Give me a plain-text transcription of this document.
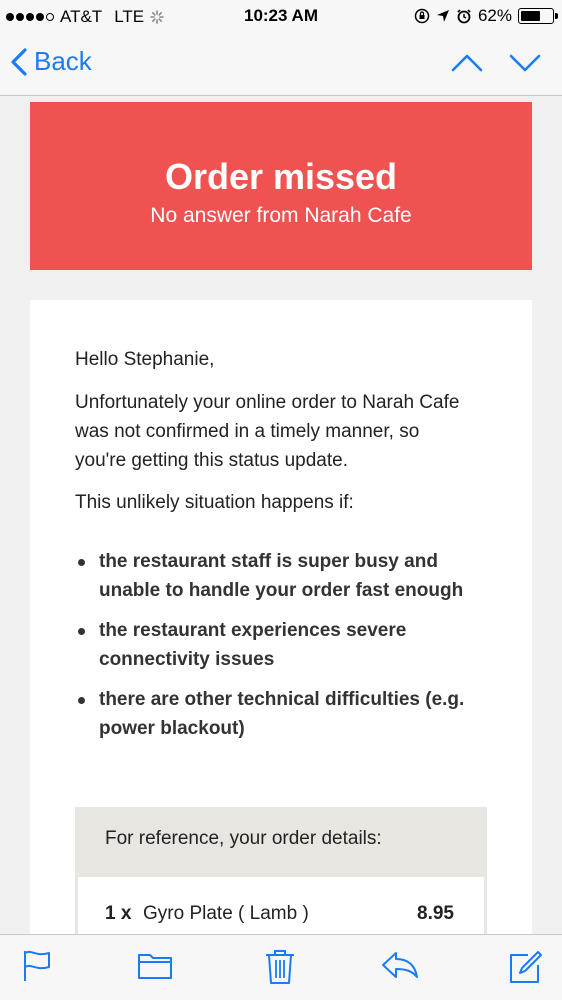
AT&T LTE	10:23 AM	62%
Back
Order missed
No answer from Narah Cafe

Hello Stephanie,

Unfortunately your online order to Narah Cafe was not confirmed in a timely manner, so you're getting this status update.

This unlikely situation happens if:

the restaurant staff is super busy and unable to handle your order fast enough
the restaurant experiences severe connectivity issues
there are other technical difficulties (e.g. power blackout)
For reference, your order details:
1 x Gyro Plate ( Lamb )	8.95
